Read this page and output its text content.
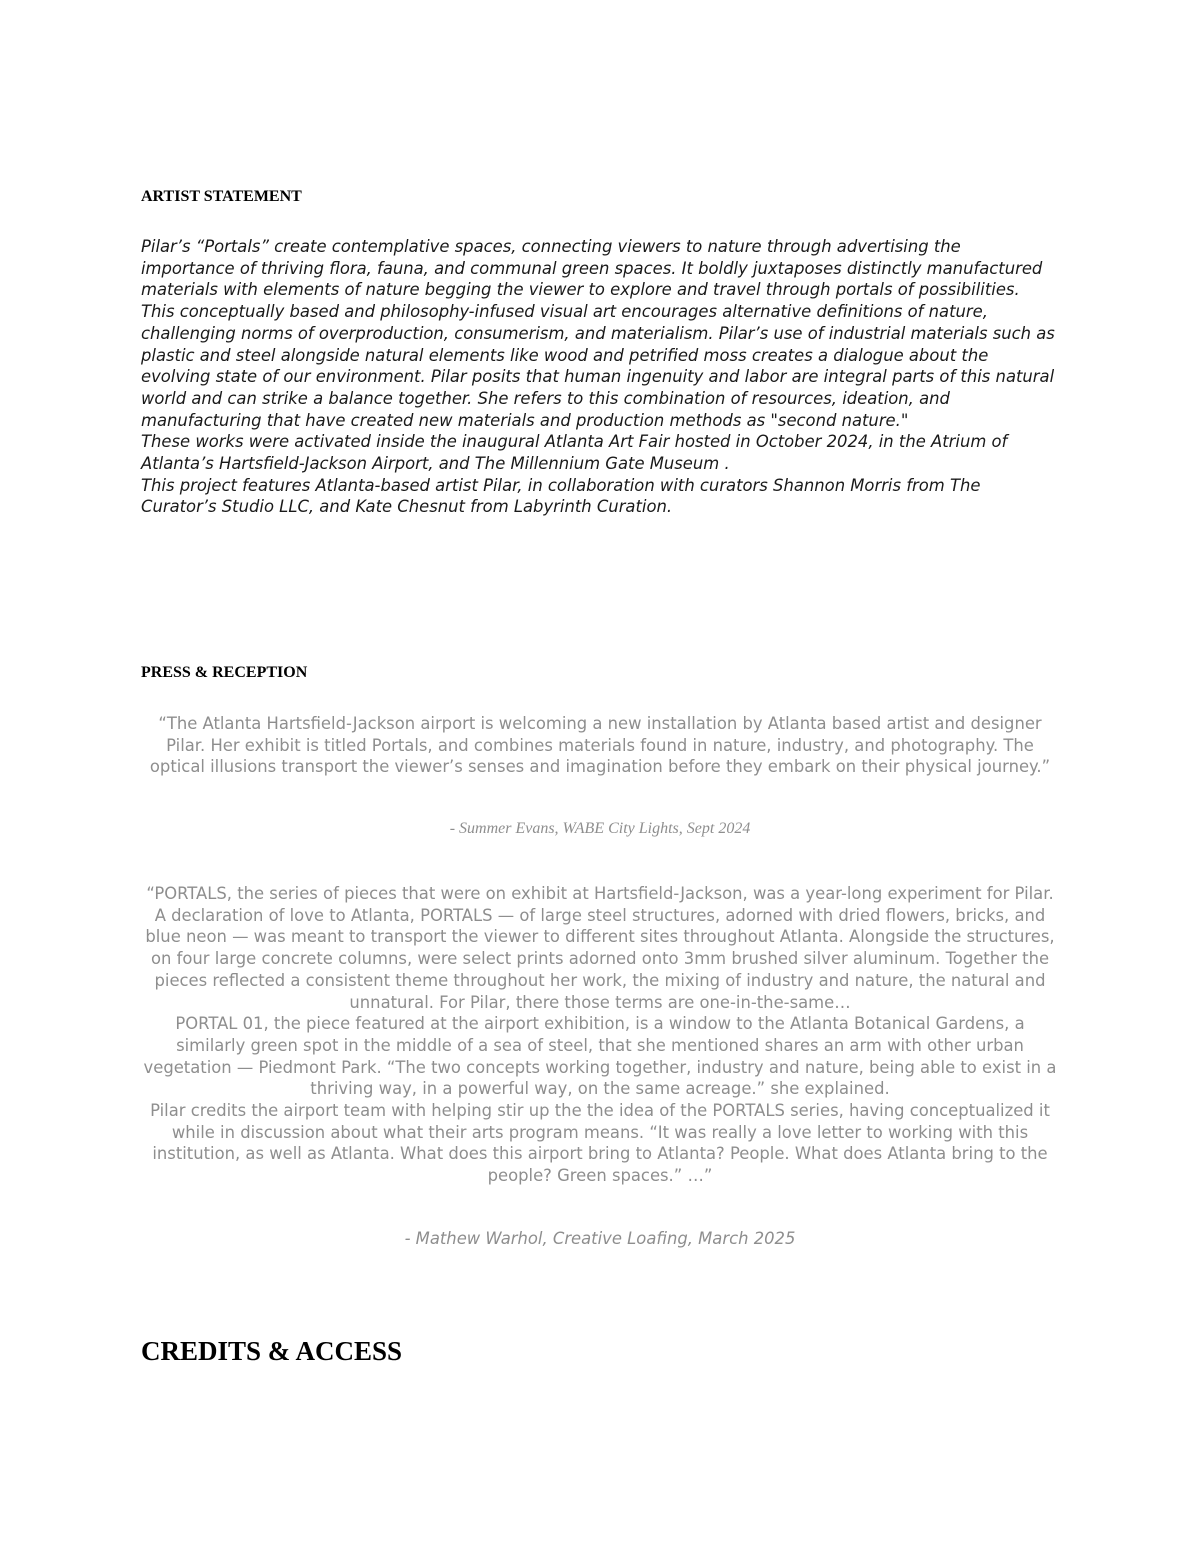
ARTIST STATEMENT

Pilar’s “Portals” create contemplative spaces, connecting viewers to nature through advertising the importance of thriving flora, fauna, and communal green spaces. It boldly juxtaposes distinctly manufactured materials with elements of nature begging the viewer to explore and travel through portals of possibilities.

This conceptually based and philosophy-infused visual art encourages alternative definitions of nature, challenging norms of overproduction, consumerism, and materialism. Pilar’s use of industrial materials such as plastic and steel alongside natural elements like wood and petrified moss creates a dialogue about the evolving state of our environment. Pilar posits that human ingenuity and labor are integral parts of this natural world and can strike a balance together. She refers to this combination of resources, ideation, and manufacturing that have created new materials and production methods as "second nature."

These works were activated inside the inaugural Atlanta Art Fair hosted in October 2024, in the Atrium of Atlanta’s Hartsfield-Jackson Airport, and The Millennium Gate Museum .

This project features Atlanta-based artist Pilar, in collaboration with curators Shannon Morris from The Curator’s Studio LLC, and Kate Chesnut from Labyrinth Curation.

PRESS & RECEPTION

“The Atlanta Hartsfield-Jackson airport is welcoming a new installation by Atlanta based artist and designer Pilar. Her exhibit is titled Portals, and combines materials found in nature, industry, and photography. The optical illusions transport the viewer’s senses and imagination before they embark on their physical journey.”

- Summer Evans, WABE City Lights, Sept 2024

“PORTALS, the series of pieces that were on exhibit at Hartsfield-Jackson, was a year-long experiment for Pilar. A declaration of love to Atlanta, PORTALS — of large steel structures, adorned with dried flowers, bricks, and blue neon — was meant to transport the viewer to different sites throughout Atlanta. Alongside the structures, on four large concrete columns, were select prints adorned onto 3mm brushed silver aluminum. Together the pieces reflected a consistent theme throughout her work, the mixing of industry and nature, the natural and unnatural. For Pilar, there those terms are one-in-the-same…

PORTAL 01, the piece featured at the airport exhibition, is a window to the Atlanta Botanical Gardens, a similarly green spot in the middle of a sea of steel, that she mentioned shares an arm with other urban vegetation — Piedmont Park. “The two concepts working together, industry and nature, being able to exist in a thriving way, in a powerful way, on the same acreage.” she explained.

Pilar credits the airport team with helping stir up the the idea of the PORTALS series, having conceptualized it while in discussion about what their arts program means. “It was really a love letter to working with this institution, as well as Atlanta. What does this airport bring to Atlanta? People. What does Atlanta bring to the people? Green spaces.” …”

- Mathew Warhol, Creative Loafing, March 2025
CREDITS & ACCESS
